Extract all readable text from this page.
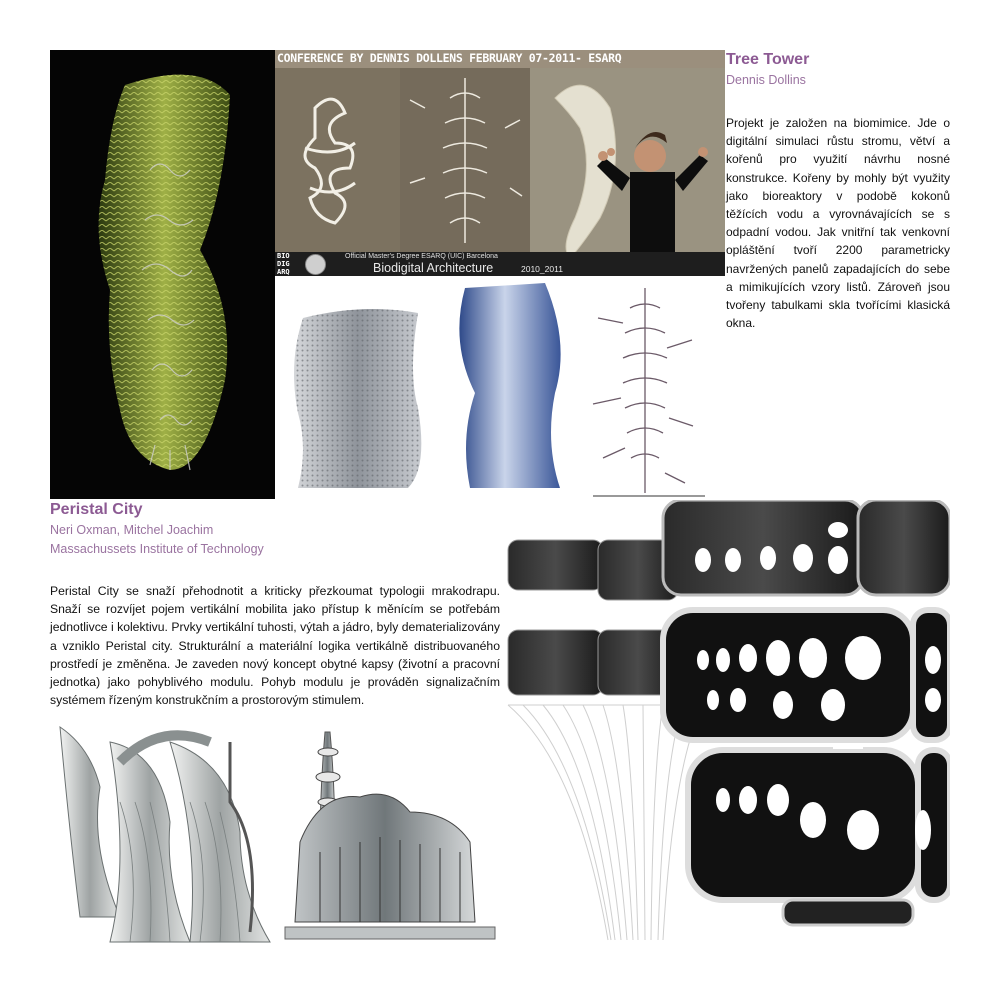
CONFERENCE BY DENNIS DOLLENS FEBRUARY 07-2011- ESARQ
BIO
DIG
ARQ
Official Master's Degree ESARQ (UIC) Barcelona
Biodigital Architecture	2010_2011
Tree Tower
Dennis Dollins
Projekt je založen na biomimice. Jde o digitální simulaci růstu stromu, větví a kořenů pro využití návrhu nosné konstrukce. Kořeny by mohly být využity jako bioreaktory v podobě kokonů těžících vodu a vyrovnávajících se s odpadní vodou. Jak vnitřní tak venkovní opláštění tvoří 2200 parametricky navržených panelů zapadajících do sebe a mimikujících vzory listů. Zároveň jsou tvořeny tabulkami skla tvořícími klasická okna.
Peristal City
Neri Oxman, Mitchel Joachim
Massachussets Institute of Technology
Peristal City se snaží přehodnotit a kriticky přezkoumat typologii mrakodrapu. Snaží se rozvíjet pojem vertikální mobilita jako přístup k měnícím se potřebám jednotlivce i kolektivu. Prvky vertikální tuhosti, výtah a jádro, byly dematerializovány a vzniklo Peristal city. Strukturální a materiální logika vertikálně distribuovaného prostředí je změněna. Je zaveden nový koncept obytné kapsy (životní a pracovní jednotka) jako pohyblivého modulu. Pohyb modulu je prováděn signalizačním systémem řízeným konstrukčním a prostorovým stimulem.
